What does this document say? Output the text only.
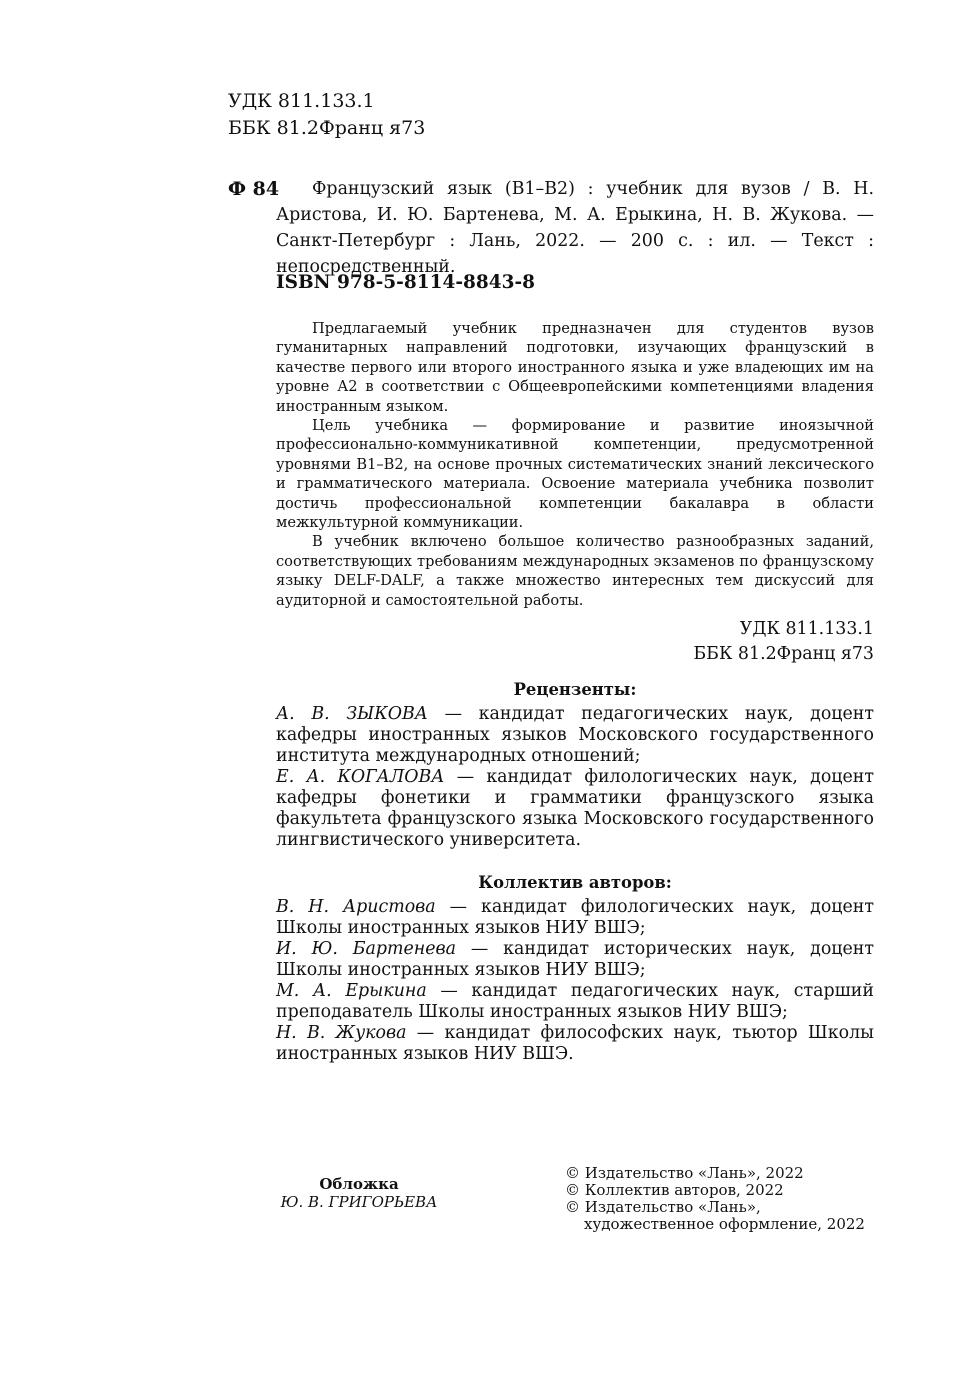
УДК 811.133.1
ББК 81.2Франц я73
Ф 84	Французский язык (В1–В2) : учебник для вузов / В. Н. Аристова, И. Ю. Бартенева, М. А. Ерыкина, Н. В. Жукова. — Санкт-Петербург : Лань, 2022. — 200 с. : ил. — Текст : непосредственный.
ISBN 978-5-8114-8843-8

Предлагаемый учебник предназначен для студентов вузов гуманитарных направлений подготовки, изучающих французский в качестве первого или второго иностранного языка и уже владеющих им на уровне А2 в соответствии с Общеевропейскими компетенциями владения иностранным языком.

Цель учебника — формирование и развитие иноязычной профессионально-коммуникативной компетенции, предусмотренной уровнями В1–В2, на основе прочных систематических знаний лексического и грамматического материала. Освоение материала учебника позволит достичь профессиональной компетенции бакалавра в области межкультурной коммуникации.

В учебник включено большое количество разнообразных заданий, соответствующих требованиям международных экзаменов по французскому языку DELF-DALF, а также множество интересных тем дискуссий для аудиторной и самостоятельной работы.

УДК 811.133.1
ББК 81.2Франц я73
Рецензенты:

А. В. ЗЫКОВА — кандидат педагогических наук, доцент кафедры иностранных языков Московского государственного института международных отношений;

Е. А. КОГАЛОВА — кандидат филологических наук, доцент кафедры фонетики и грамматики французского языка факультета французского языка Московского государственного лингвистического университета.

Коллектив авторов:

В. Н. Аристова — кандидат филологических наук, доцент Школы иностранных языков НИУ ВШЭ;

И. Ю. Бартенева — кандидат исторических наук, доцент Школы иностранных языков НИУ ВШЭ;

М. А. Ерыкина — кандидат педагогических наук, старший преподаватель Школы иностранных языков НИУ ВШЭ;

Н. В. Жукова — кандидат философских наук, тьютор Школы иностранных языков НИУ ВШЭ.

Обложка
Ю. В. ГРИГОРЬЕВА
© Издательство «Лань», 2022
© Коллектив авторов, 2022
© Издательство «Лань»,
художественное оформление, 2022
